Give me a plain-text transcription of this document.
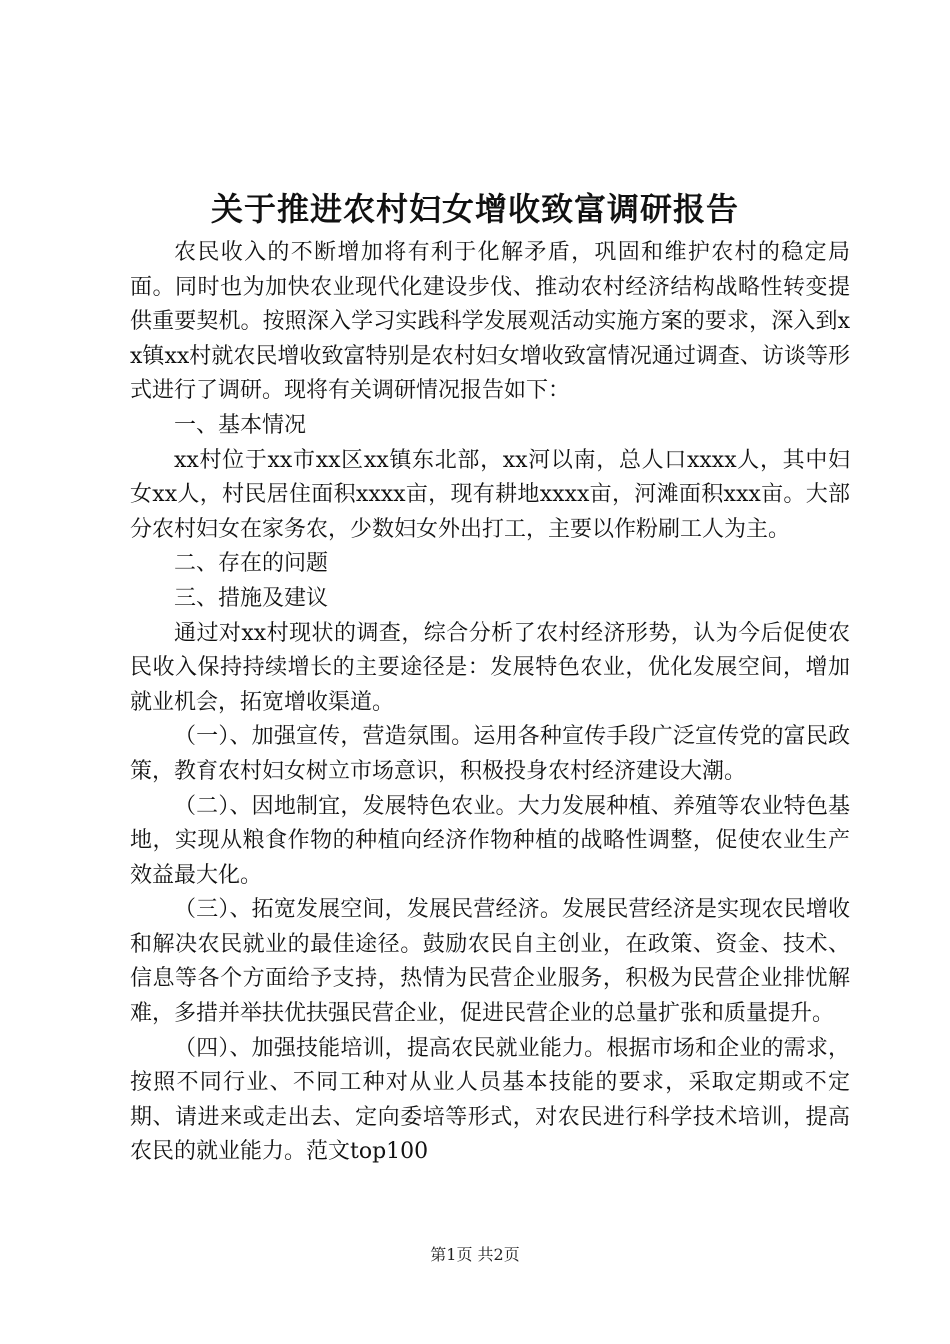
关于推进农村妇女增收致富调研报告

农民收入的不断增加将有利于化解矛盾，巩固和维护农村的稳定局面。同时也为加快农业现代化建设步伐、推动农村经济结构战略性转变提供重要契机。按照深入学习实践科学发展观活动实施方案的要求，深入到xx镇xx村就农民增收致富特别是农村妇女增收致富情况通过调查、访谈等形式进行了调研。现将有关调研情况报告如下：

一、基本情况

xx村位于xx市xx区xx镇东北部，xx河以南，总人口xxxx人，其中妇女xx人，村民居住面积xxxx亩，现有耕地xxxx亩，河滩面积xxx亩。大部分农村妇女在家务农，少数妇女外出打工，主要以作粉刷工人为主。

二、存在的问题

三、措施及建议

通过对xx村现状的调查，综合分析了农村经济形势，认为今后促使农民收入保持持续增长的主要途径是：发展特色农业，优化发展空间，增加就业机会，拓宽增收渠道。

（一）、加强宣传，营造氛围。运用各种宣传手段广泛宣传党的富民政策，教育农村妇女树立市场意识，积极投身农村经济建设大潮。

（二）、因地制宜，发展特色农业。大力发展种植、养殖等农业特色基地，实现从粮食作物的种植向经济作物种植的战略性调整，促使农业生产效益最大化。

（三）、拓宽发展空间，发展民营经济。发展民营经济是实现农民增收和解决农民就业的最佳途径。鼓励农民自主创业，在政策、资金、技术、信息等各个方面给予支持，热情为民营企业服务，积极为民营企业排忧解难，多措并举扶优扶强民营企业，促进民营企业的总量扩张和质量提升。

（四）、加强技能培训，提高农民就业能力。根据市场和企业的需求，按照不同行业、不同工种对从业人员基本技能的要求，采取定期或不定期、请进来或走出去、定向委培等形式，对农民进行科学技术培训，提高农民的就业能力。范文top100

第1页 共2页
